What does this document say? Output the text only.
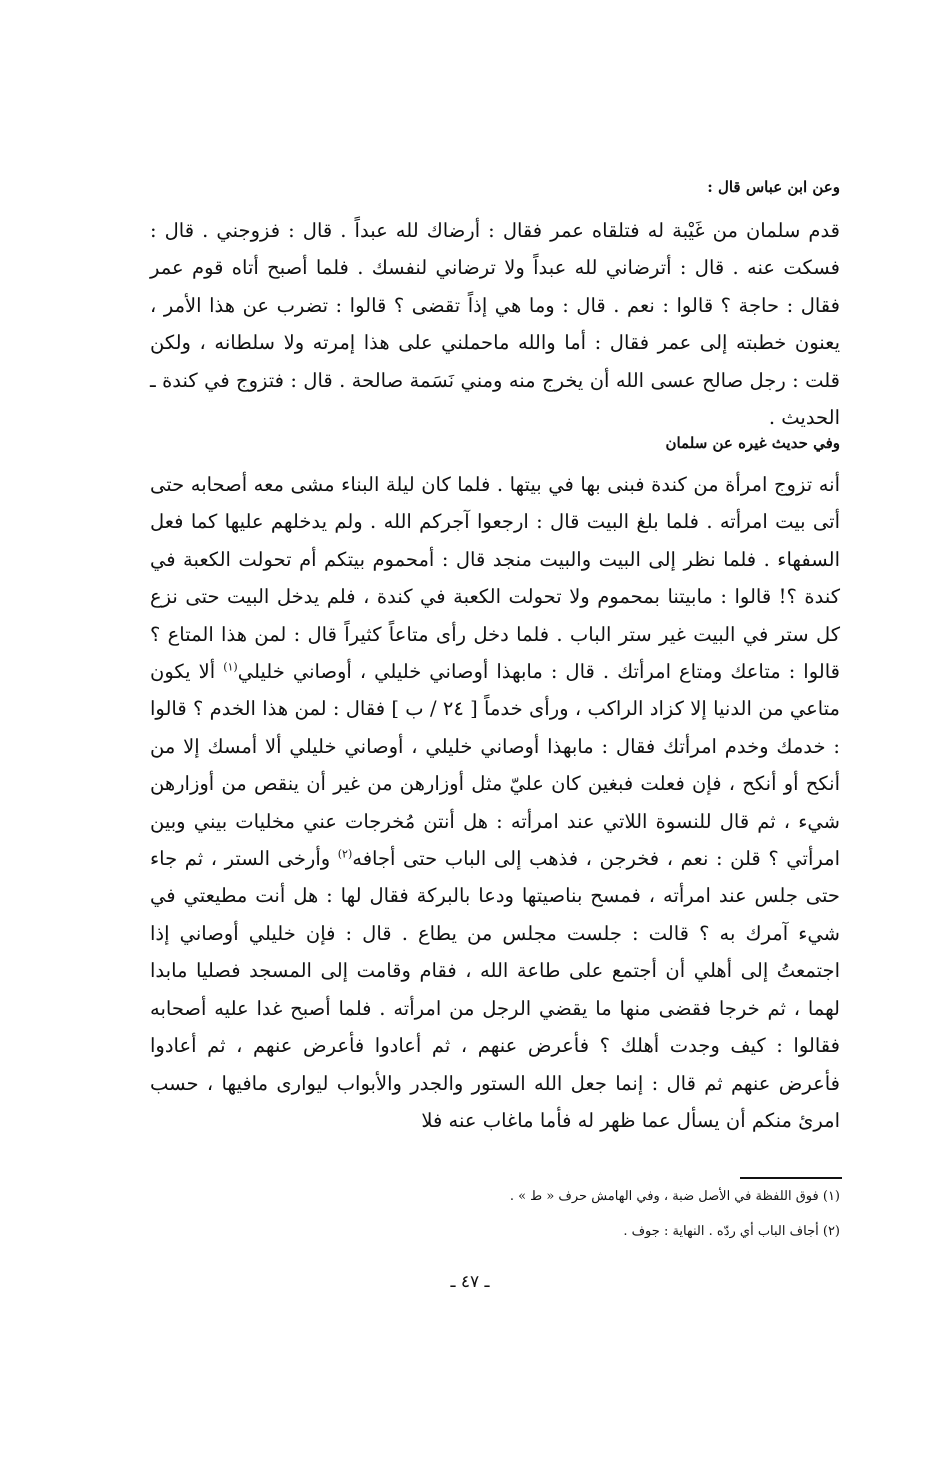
وعن ابن عباس قال :

قدم سلمان من غَيْبة له فتلقاه عمر فقال : أرضاك لله عبداً . قال : فزوجني . قال : فسكت عنه . قال : أترضاني لله عبداً ولا ترضاني لنفسك . فلما أصبح أتاه قوم عمر فقال : حاجة ؟ قالوا : نعم . قال : وما هي إذاً تقضى ؟ قالوا : تضرب عن هذا الأمر ، يعنون خطبته إلى عمر فقال : أما والله ماحملني على هذا إمرته ولا سلطانه ، ولكن قلت : رجل صالح عسى الله أن يخرج منه ومني نَسَمة صالحة . قال : فتزوج في كندة ـ الحديث .

وفي حديث غيره عن سلمان

أنه تزوج امرأة من كندة فبنى بها في بيتها . فلما كان ليلة البناء مشى معه أصحابه حتى أتى بيت امرأته . فلما بلغ البيت قال : ارجعوا آجركم الله . ولم يدخلهم عليها كما فعل السفهاء . فلما نظر إلى البيت والبيت منجد قال : أمحموم بيتكم أم تحولت الكعبة في كندة ؟! قالوا : مابيتنا بمحموم ولا تحولت الكعبة في كندة ، فلم يدخل البيت حتى نزع كل ستر في البيت غير ستر الباب . فلما دخل رأى متاعاً كثيراً قال : لمن هذا المتاع ؟ قالوا : متاعك ومتاع امرأتك . قال : مابهذا أوصاني خليلي ، أوصاني خليلي$^{(١)}$ ألا يكون متاعي من الدنيا إلا كزاد الراكب ، ورأى خدماً [ ٢٤ / ب ] فقال : لمن هذا الخدم ؟ قالوا : خدمك وخدم امرأتك فقال : مابهذا أوصاني خليلي ، أوصاني خليلي ألا أمسك إلا من أنكح أو أنكح ، فإن فعلت فبغين كان عليّ مثل أوزارهن من غير أن ينقص من أوزارهن شيء ، ثم قال للنسوة اللاتي عند امرأته : هل أنتن مُخرجات عني مخليات بيني وبين امرأتي ؟ قلن : نعم ، فخرجن ، فذهب إلى الباب حتى أجافه$^{(٢)}$ وأرخى الستر ، ثم جاء حتى جلس عند امرأته ، فمسح بناصيتها ودعا بالبركة فقال لها : هل أنت مطيعتي في شيء آمرك به ؟ قالت : جلست مجلس من يطاع . قال : فإن خليلي أوصاني إذا اجتمعتُ إلى أهلي أن أجتمع على طاعة الله ، فقام وقامت إلى المسجد فصليا مابدا لهما ، ثم خرجا فقضى منها ما يقضي الرجل من امرأته . فلما أصبح غدا عليه أصحابه فقالوا : كيف وجدت أهلك ؟ فأعرض عنهم ، ثم أعادوا فأعرض عنهم ، ثم أعادوا فأعرض عنهم ثم قال : إنما جعل الله الستور والجدر والأبواب ليوارى مافيها ، حسب امرئ منكم أن يسأل عما ظهر له فأما ماغاب عنه فلا

(١) فوق اللفظة في الأصل ضبة ، وفي الهامش حرف « ط » .
(٢) أجاف الباب أي ردّه . النهاية : جوف .
ـ ٤٧ ـ
